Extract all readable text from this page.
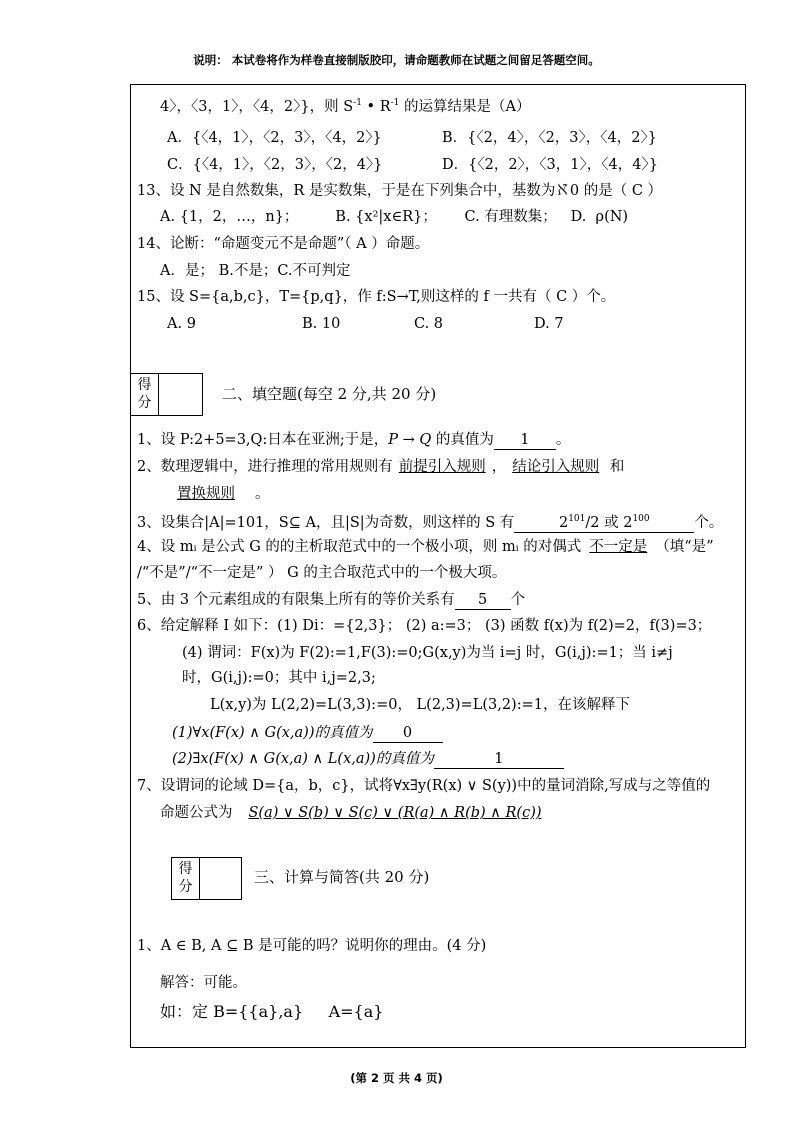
说明： 本试卷将作为样卷直接制版胶印，请命题教师在试题之间留足答题空间。
4〉，〈3，1〉，〈4，2〉}，则 $S^{-1}$ • $R^{-1}$ 的运算结果是（A）
A．{〈4，1〉，〈2，3〉，〈4，2〉}	B．{〈2，4〉，〈2，3〉，〈4，2〉}
C．{〈4，1〉，〈2，3〉，〈2，4〉}	D．{〈2，2〉，〈3，1〉，〈4，4〉}
13、设 N 是自然数集，R 是实数集，于是在下列集合中，基数为ℵ0 的是（ C ）
A. {1，2，…，n}；        B. {x²|x∈R}；      C. 有理数集；   D.  ρ(N)
14、论断：“命题变元不是命题”（ A ）命题。
A．是； B.不是；C.不可判定
15、设 S={a,b,c}，T={p,q}，作 f:S→T,则这样的 f 一共有（ C ）个。
A. 9	B. 10	C. 8	D. 7
得
分	二、填空题(每空 2 分,共 20 分)
1、设 P:2+5=3,Q:日本在亚洲;于是，P → Q 的真值为 1 。
2、数理逻辑中，进行推理的常用规则有 前提引入规则 ， 结论引入规则 和
置换规则 。
3、设集合|A|=101，S⊆ A，且|S|为奇数，则这样的 S 有	$2^{101}/2$ 或 $2^{100}$	个。
4、设 mᵢ 是公式 G 的的主析取范式中的一个极小项，则 mᵢ 的对偶式 不一定是 （填“是”
/“不是”/“不一定是” ） G 的主合取范式中的一个极大项。
5、由 3 个元素组成的有限集上所有的等价关系有 5 个
6、给定解释 I 如下：(1) Di：={2,3}； (2) a:=3； (3) 函数 f(x)为 f(2)=2，f(3)=3；
(4) 谓词：F(x)为 F(2):=1,F(3):=0;G(x,y)为当 i=j 时，G(i,j):=1；当 i≠j
时，G(i,j):=0；其中 i,j=2,3;
L(x,y)为 L(2,2)=L(3,3):=0， L(2,3)=L(3,2):=1，在该解释下
(1)∀x(F(x) ∧ G(x,a))的真值为 0
(2)∃x(F(x) ∧ G(x,a) ∧ L(x,a))的真值为	1
7、设谓词的论域 D={a，b，c}，试将∀x∃y(R(x) ∨ S(y))中的量词消除,写成与之等值的
命题公式为 S(a) ∨ S(b) ∨ S(c) ∨ (R(a) ∧ R(b) ∧ R(c))
得
分
三、计算与简答(共 20 分)
1、A ∈ B, A ⊆ B 是可能的吗？说明你的理由。(4 分)
解答：可能。
如：定 B={{a},a}     A={a}
(第 2 页 共 4 页)
